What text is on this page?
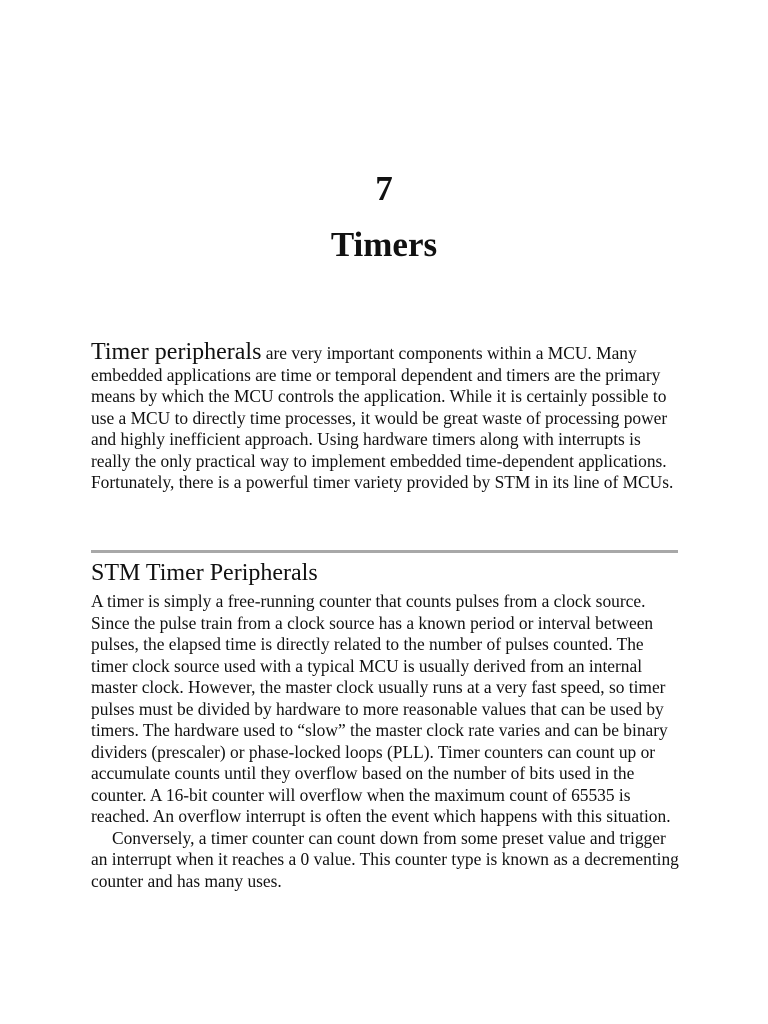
7
Timers

Timer peripherals are very important components within a MCU. Many embedded applications are time or temporal dependent and timers are the primary means by which the MCU controls the application. While it is certainly possible to use a MCU to directly time processes, it would be great waste of processing power and highly inefficient approach. Using hardware timers along with interrupts is really the only practical way to implement embedded time-dependent applications. Fortunately, there is a powerful timer variety provided by STM in its line of MCUs.

STM Timer Peripherals

A timer is simply a free-running counter that counts pulses from a clock source. Since the pulse train from a clock source has a known period or interval between pulses, the elapsed time is directly related to the number of pulses counted. The timer clock source used with a typical MCU is usually derived from an internal master clock. However, the master clock usually runs at a very fast speed, so timer pulses must be divided by hardware to more reasonable values that can be used by timers. The hardware used to “slow” the master clock rate varies and can be binary dividers (prescaler) or phase-locked loops (PLL). Timer counters can count up or accumulate counts until they overflow based on the number of bits used in the counter. A 16-bit counter will overflow when the maximum count of 65535 is reached. An overflow interrupt is often the event which happens with this situation.

Conversely, a timer counter can count down from some preset value and trigger an interrupt when it reaches a 0 value. This counter type is known as a decrementing counter and has many uses.
